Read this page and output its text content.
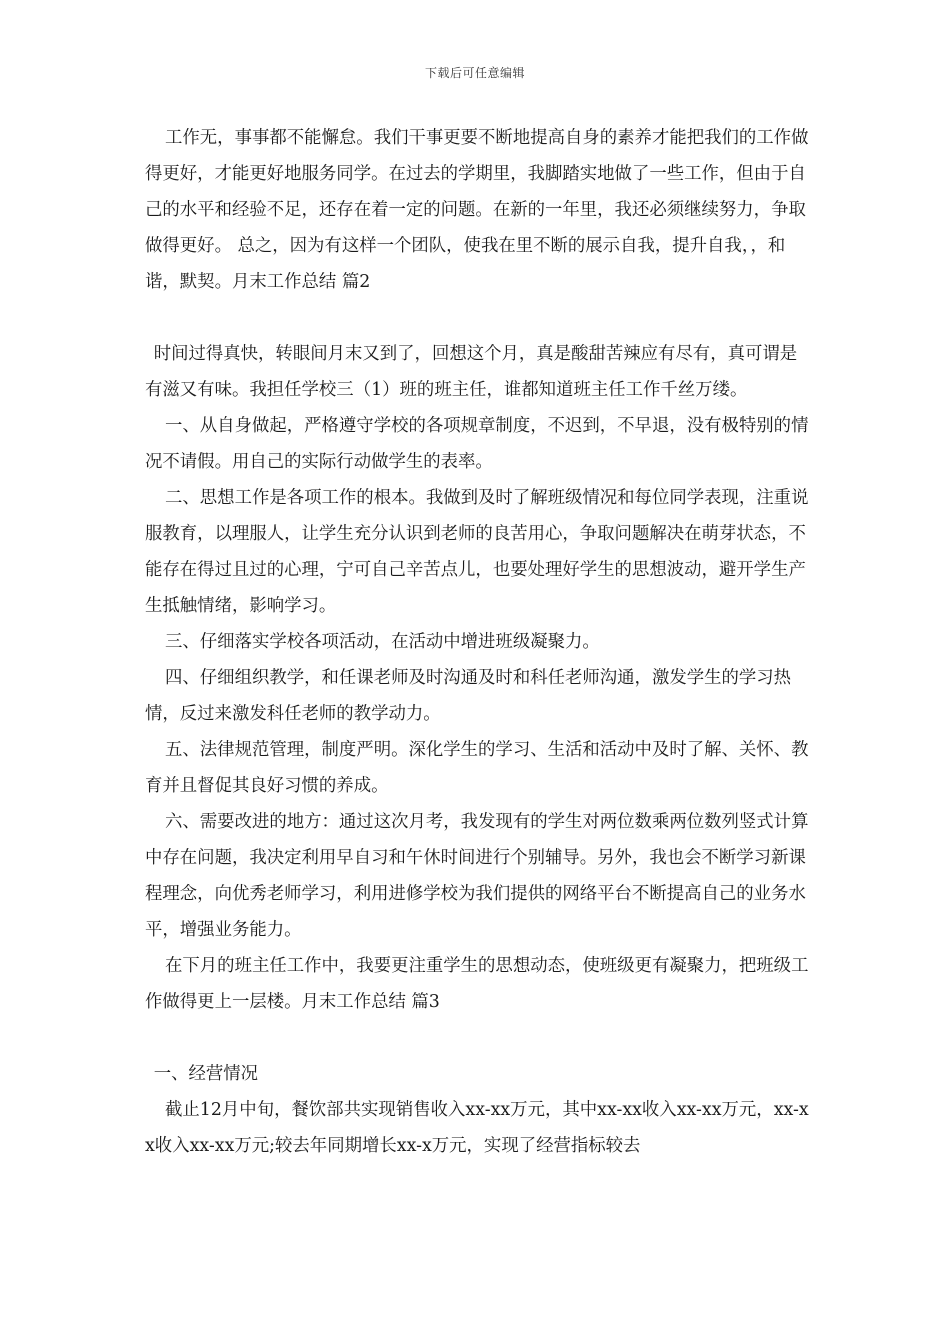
下载后可任意编辑

工作无，事事都不能懈怠。我们干事更要不断地提高自身的素养才能把我们的工作做得更好，才能更好地服务同学。在过去的学期里，我脚踏实地做了一些工作，但由于自己的水平和经验不足，还存在着一定的问题。在新的一年里，我还必须继续努力，争取做得更好。 总之，因为有这样一个团队，使我在里不断的展示自我，提升自我，，和谐，默契。月末工作总结 篇2

时间过得真快，转眼间月末又到了，回想这个月，真是酸甜苦辣应有尽有，真可谓是有滋又有味。我担任学校三（1）班的班主任，谁都知道班主任工作千丝万缕。

一、从自身做起，严格遵守学校的各项规章制度，不迟到，不早退，没有极特别的情况不请假。用自己的实际行动做学生的表率。

二、思想工作是各项工作的根本。我做到及时了解班级情况和每位同学表现，注重说服教育，以理服人，让学生充分认识到老师的良苦用心，争取问题解决在萌芽状态，不能存在得过且过的心理，宁可自己辛苦点儿，也要处理好学生的思想波动，避开学生产生抵触情绪，影响学习。

三、仔细落实学校各项活动，在活动中增进班级凝聚力。

四、仔细组织教学，和任课老师及时沟通及时和科任老师沟通，激发学生的学习热情，反过来激发科任老师的教学动力。

五、法律规范管理，制度严明。深化学生的学习、生活和活动中及时了解、关怀、教育并且督促其良好习惯的养成。

六、需要改进的地方：通过这次月考，我发现有的学生对两位数乘两位数列竖式计算中存在问题，我决定利用早自习和午休时间进行个别辅导。另外，我也会不断学习新课程理念，向优秀老师学习，利用进修学校为我们提供的网络平台不断提高自己的业务水平，增强业务能力。

在下月的班主任工作中，我要更注重学生的思想动态，使班级更有凝聚力，把班级工作做得更上一层楼。月末工作总结 篇3

一、经营情况

截止12月中旬，餐饮部共实现销售收入xx-xx万元，其中xx-xx收入xx-xx万元，xx-xx收入xx-xx万元;较去年同期增长xx-x万元，实现了经营指标较去
